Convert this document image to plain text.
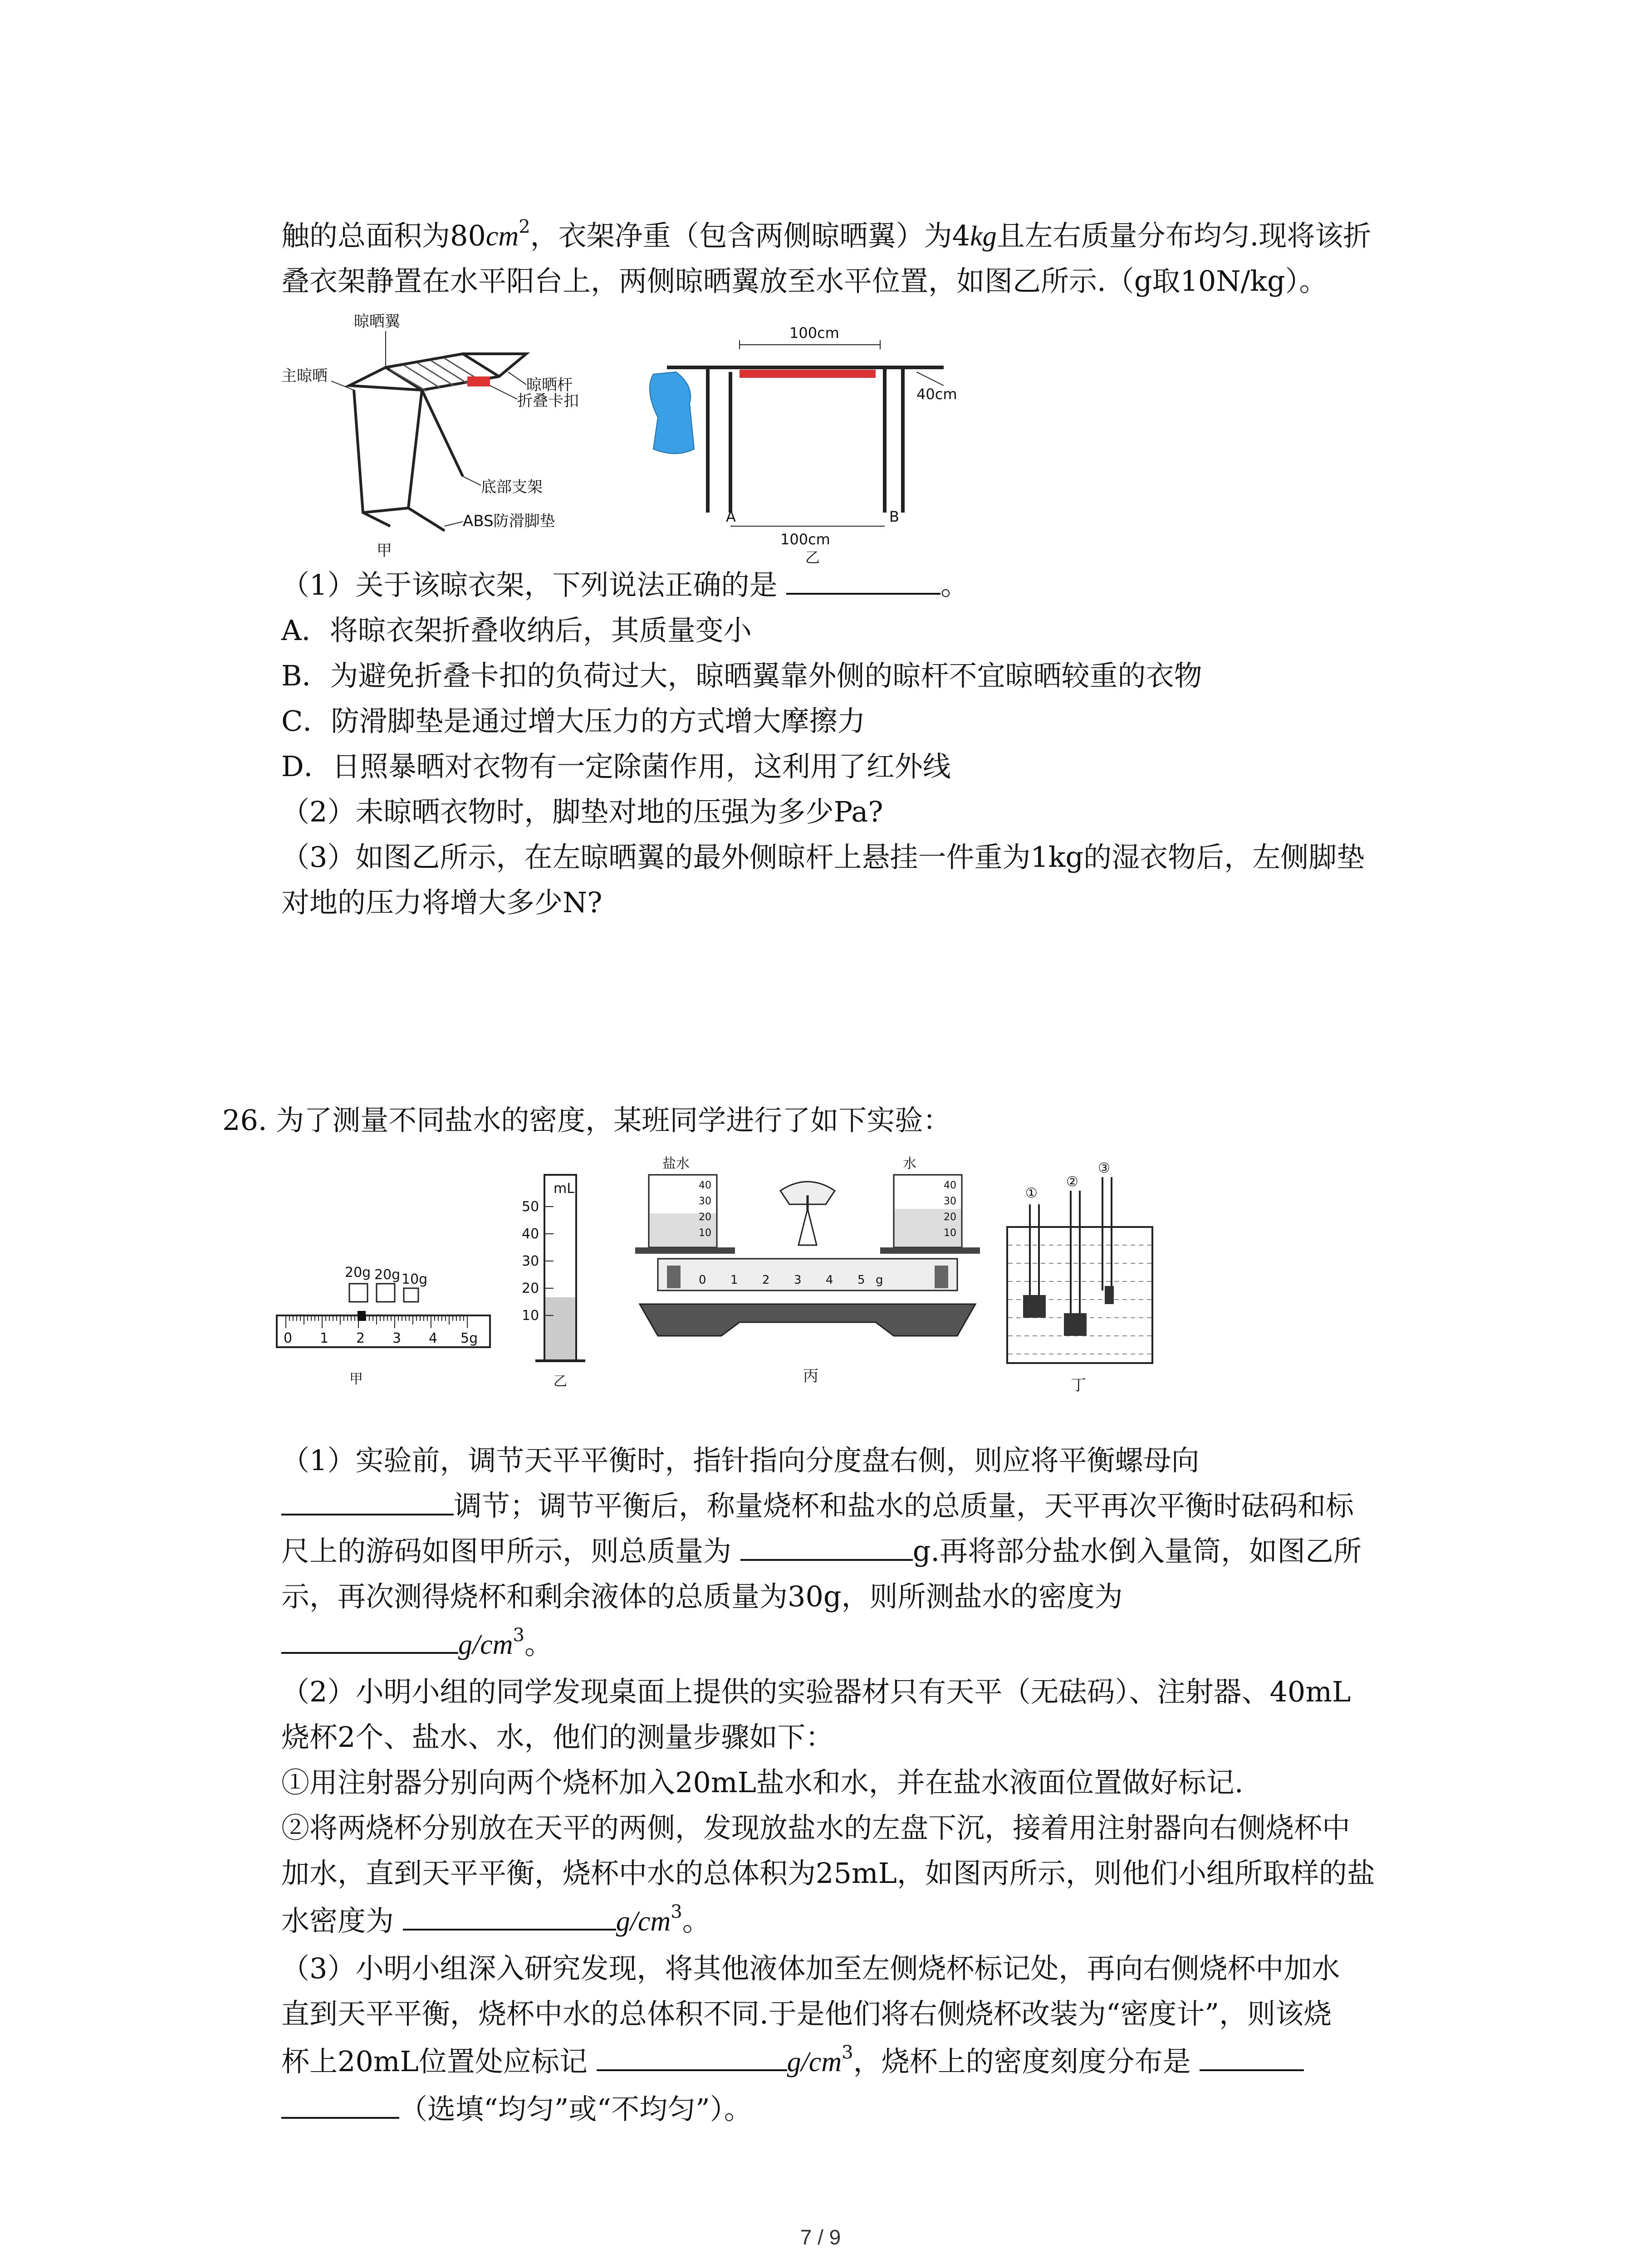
触的总面积为$80cm^2$，衣架净重（包含两侧晾晒翼）为4kg且左右质量分布均匀.现将该折
叠衣架静置在水平阳台上，两侧晾晒翼放至水平位置，如图乙所示.（g取10N/kg）。
晾晒翼
主晾晒	晾晒杆
折叠卡扣
底部支架
ABS防滑脚垫
甲
100cm
40cm
100cm
A	B
乙
（1）关于该晾衣架，下列说法正确的是	。
A．将晾衣架折叠收纳后，其质量变小
B．为避免折叠卡扣的负荷过大，晾晒翼靠外侧的晾杆不宜晾晒较重的衣物
C．防滑脚垫是通过增大压力的方式增大摩擦力
D．日照暴晒对衣物有一定除菌作用，这利用了红外线
（2）未晾晒衣物时，脚垫对地的压强为多少Pa?
（3）如图乙所示，在左晾晒翼的最外侧晾杆上悬挂一件重为1kg的湿衣物后，左侧脚垫
对地的压力将增大多少N?
26. 为了测量不同盐水的密度，某班同学进行了如下实验：
20g 20g 10g
0 1 2 3 4 5g
甲
mL
50
40
30
20
10
乙
盐水	水
40
30
20
10
40
30
20
10
0 1 2 3 4 5 g
丙
①
②
③
丁
（1）实验前，调节天平平衡时，指针指向分度盘右侧，则应将平衡螺母向
调节；调节平衡后，称量烧杯和盐水的总质量，天平再次平衡时砝码和标
尺上的游码如图甲所示，则总质量为	g.再将部分盐水倒入量筒，如图乙所
示，再次测得烧杯和剩余液体的总质量为30g，则所测盐水的密度为
$g/cm^3$。
（2）小明小组的同学发现桌面上提供的实验器材只有天平（无砝码）、注射器、40mL
烧杯2个、盐水、水，他们的测量步骤如下：
①用注射器分别向两个烧杯加入20mL盐水和水，并在盐水液面位置做好标记.
②将两烧杯分别放在天平的两侧，发现放盐水的左盘下沉，接着用注射器向右侧烧杯中
加水，直到天平平衡，烧杯中水的总体积为25mL，如图丙所示，则他们小组所取样的盐
水密度为	$g/cm^3$。
（3）小明小组深入研究发现，将其他液体加至左侧烧杯标记处，再向右侧烧杯中加水
直到天平平衡，烧杯中水的总体积不同.于是他们将右侧烧杯改装为“密度计”，则该烧
杯上20mL位置处应标记	$g/cm^3$，烧杯上的密度刻度分布是
（选填“均匀”或“不均匀”）。
7 / 9
